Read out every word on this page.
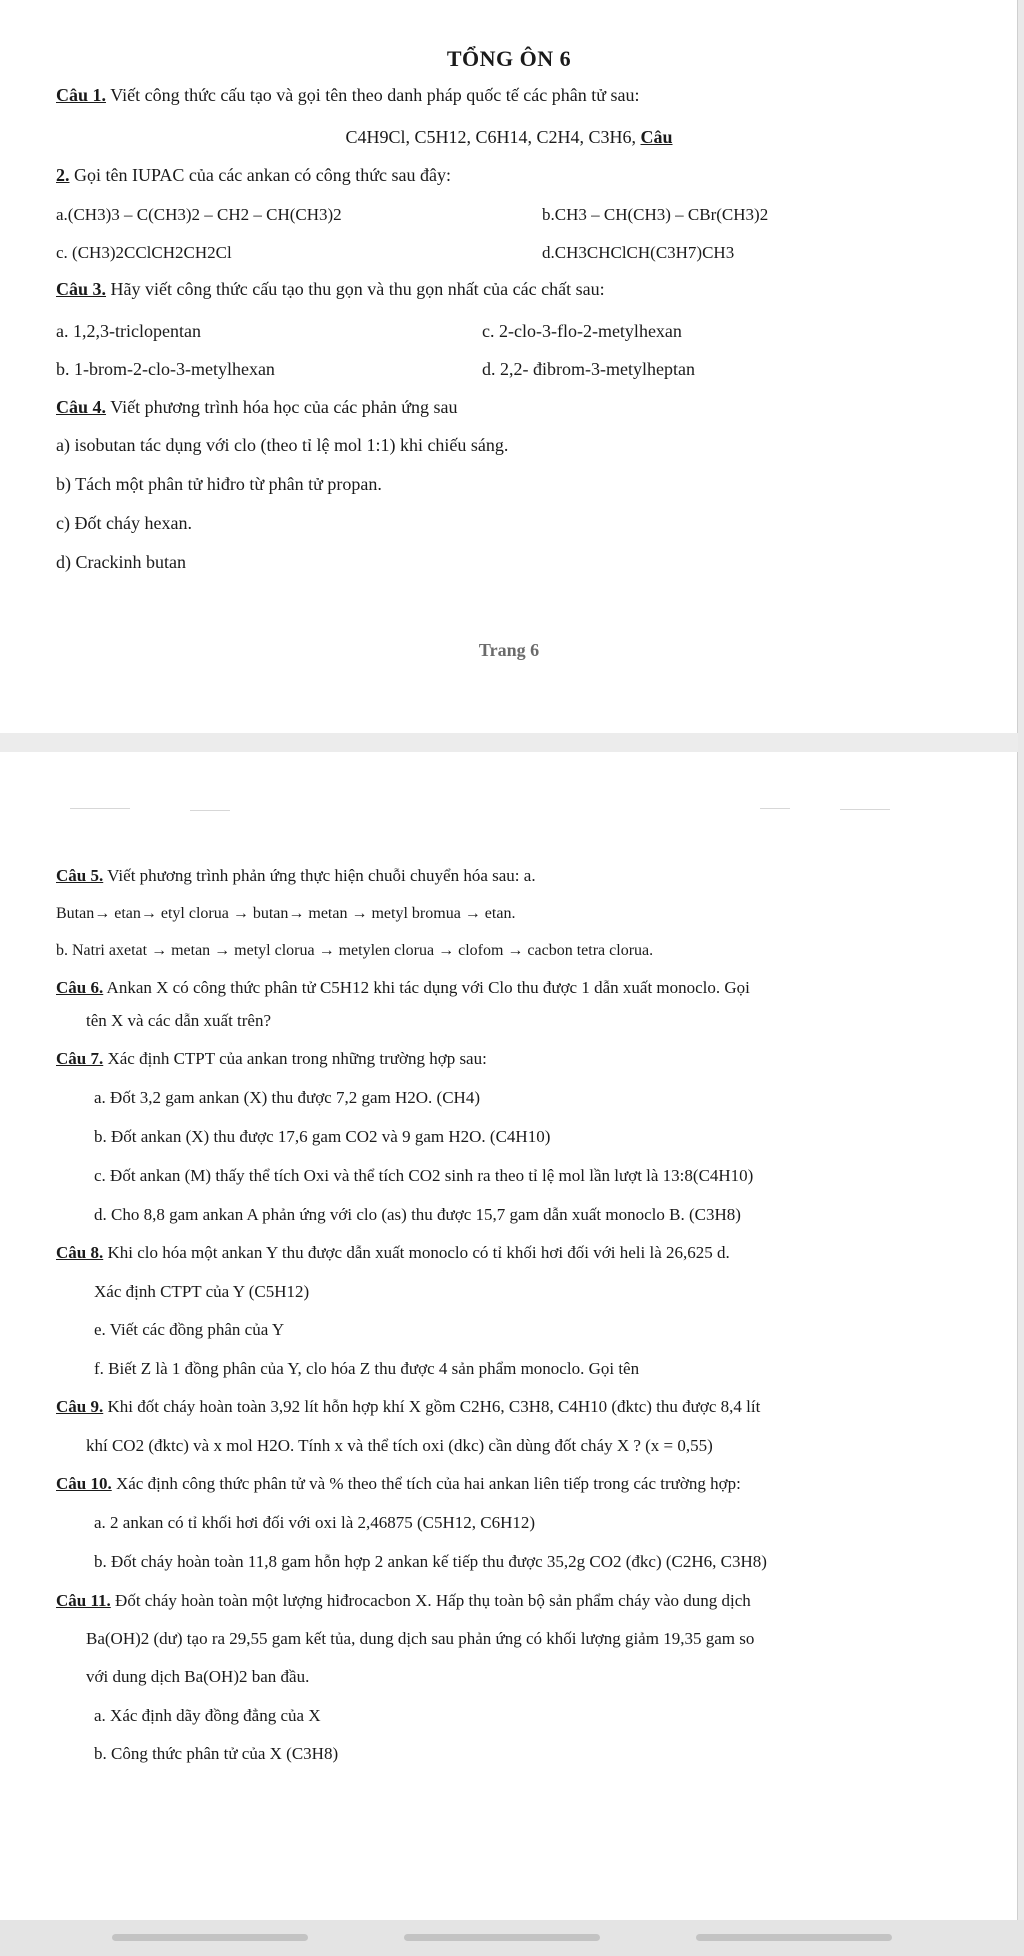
TỔNG ÔN 6
Câu 1. Viết công thức cấu tạo và gọi tên theo danh pháp quốc tế các phân tử sau:
C4H9Cl, C5H12, C6H14, C2H4, C3H6, Câu
2. Gọi tên IUPAC của các ankan có công thức sau đây:
a.(CH3)3 – C(CH3)2 – CH2 – CH(CH3)2	b.CH3 – CH(CH3) – CBr(CH3)2
c. (CH3)2CClCH2CH2Cl	d.CH3CHClCH(C3H7)CH3
Câu 3. Hãy viết công thức cấu tạo thu gọn và thu gọn nhất của các chất sau:
a. 1,2,3-triclopentan	c. 2-clo-3-flo-2-metylhexan
b. 1-brom-2-clo-3-metylhexan	d. 2,2- đibrom-3-metylheptan
Câu 4. Viết phương trình hóa học của các phản ứng sau
a) isobutan tác dụng với clo (theo tỉ lệ mol 1:1) khi chiếu sáng.
b) Tách một phân tử hiđro từ phân tử propan.
c) Đốt cháy hexan.
d) Crackinh butan
Trang 6
Câu 5. Viết phương trình phản ứng thực hiện chuỗi chuyển hóa sau: a.
Butan→ etan→ etyl clorua → butan→ metan → metyl bromua → etan.
b. Natri axetat → metan → metyl clorua → metylen clorua → clofom → cacbon tetra clorua.
Câu 6. Ankan X có công thức phân tử C5H12 khi tác dụng với Clo thu được 1 dẫn xuất monoclo. Gọi
tên X và các dẫn xuất trên?
Câu 7. Xác định CTPT của ankan trong những trường hợp sau:
a. Đốt 3,2 gam ankan (X) thu được 7,2 gam H2O. (CH4)
b. Đốt ankan (X) thu được 17,6 gam CO2 và 9 gam H2O. (C4H10)
c. Đốt ankan (M) thấy thể tích Oxi và thể tích CO2 sinh ra theo tỉ lệ mol lần lượt là 13:8(C4H10)
d. Cho 8,8 gam ankan A phản ứng với clo (as) thu được 15,7 gam dẫn xuất monoclo B. (C3H8)
Câu 8. Khi clo hóa một ankan Y thu được dẫn xuất monoclo có tỉ khối hơi đối với heli là 26,625 d.
Xác định CTPT của Y (C5H12)
e. Viết các đồng phân của Y
f. Biết Z là 1 đồng phân của Y, clo hóa Z thu được 4 sản phẩm monoclo. Gọi tên
Câu 9. Khi đốt cháy hoàn toàn 3,92 lít hỗn hợp khí X gồm C2H6, C3H8, C4H10 (đktc) thu được 8,4 lít
khí CO2 (đktc) và x mol H2O. Tính x và thể tích oxi (dkc) cần dùng đốt cháy X ? (x = 0,55)
Câu 10. Xác định công thức phân tử và % theo thể tích của hai ankan liên tiếp trong các trường hợp:
a. 2 ankan có tỉ khối hơi đối với oxi là 2,46875 (C5H12, C6H12)
b. Đốt cháy hoàn toàn 11,8 gam hỗn hợp 2 ankan kế tiếp thu được 35,2g CO2 (đkc) (C2H6, C3H8)
Câu 11. Đốt cháy hoàn toàn một lượng hiđrocacbon X. Hấp thụ toàn bộ sản phẩm cháy vào dung dịch
Ba(OH)2 (dư) tạo ra 29,55 gam kết tủa, dung dịch sau phản ứng có khối lượng giảm 19,35 gam so
với dung dịch Ba(OH)2 ban đầu.
a. Xác định dãy đồng đẳng của X
b. Công thức phân tử của X (C3H8)
